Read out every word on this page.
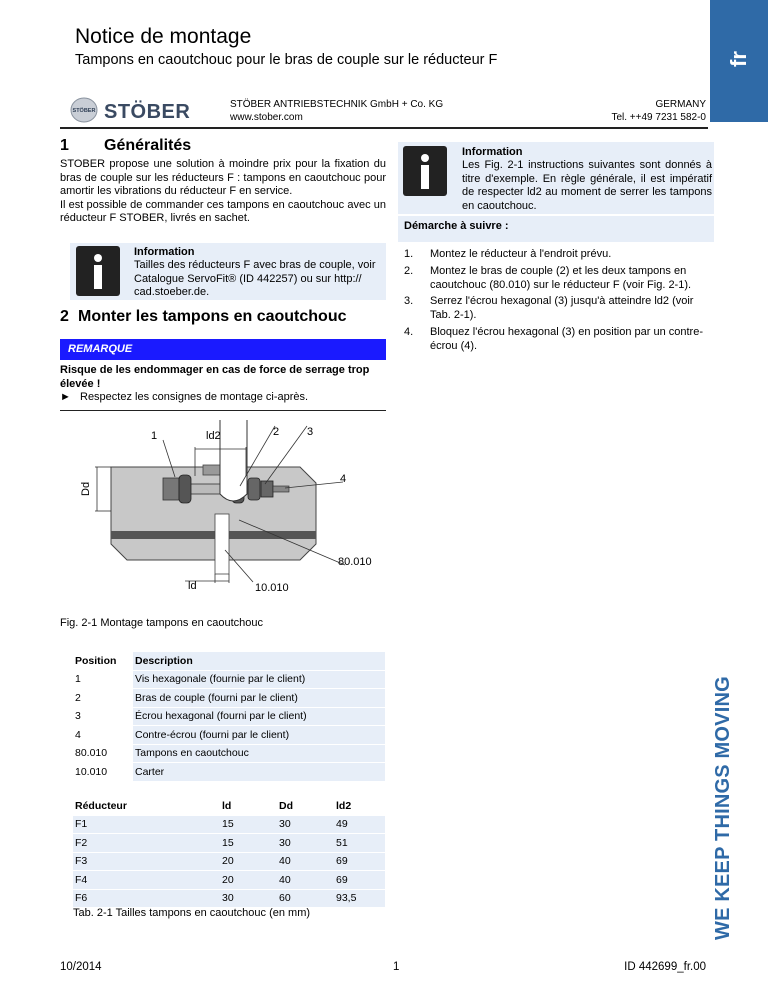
fr
Notice de montage
Tampons en caoutchouc pour le bras de couple sur le réducteur F
STÖBER STÖBER	STÖBER ANTRIEBSTECHNIK GmbH + Co. KG
www.stober.com
GERMANY
Tel. ++49 7231 582-0
1 Généralités
STOBER propose une solution à moindre prix pour la fixation du bras de couple sur les réducteurs F : tampons en caoutchouc pour amortir les vibrations du réducteur F en service.
Il est possible de commander ces tampons en caoutchouc avec un réducteur F STOBER, livrés en sachet.
Information
Tailles des réducteurs F avec bras de couple, voir Catalogue ServoFit® (ID 442257) ou sur http:// cad.stoeber.de.
2 Monter les tampons en caoutchouc
REMARQUE
Risque de les endommager en cas de force de serrage trop élevée !
► Respectez les consignes de montage ci-après.
1	ld2	2	3
4
Dd
80.010
ld	10.010
Fig. 2-1 Montage tampons en caoutchouc
Position	Description
1	Vis hexagonale (fournie par le client)
2	Bras de couple (fourni par le client)
3	Écrou hexagonal (fourni par le client)
4	Contre-écrou (fourni par le client)
80.010	Tampons en caoutchouc
10.010	Carter
Réducteur	ld	Dd	ld2
F1	15	30	49
F2	15	30	51
F3	20	40	69
F4	20	40	69
F6	30	60	93,5
Tab. 2-1 Tailles tampons en caoutchouc (en mm)
Information
Les Fig. 2-1 instructions suivantes sont donnés à titre d'exemple. En règle générale, il est impératif de respecter ld2 au moment de serrer les tampons en caoutchouc.
Démarche à suivre :
1.	Montez le réducteur à l'endroit prévu.
2.	Montez le bras de couple (2) et les deux tampons en caoutchouc (80.010) sur le réducteur F (voir Fig. 2-1).
3.	Serrez l'écrou hexagonal (3) jusqu'à atteindre ld2 (voir Tab. 2-1).
4.	Bloquez l'écrou hexagonal (3) en position par un contre-écrou (4).
WE KEEP THINGS MOVING
10/2014	1	ID 442699_fr.00
